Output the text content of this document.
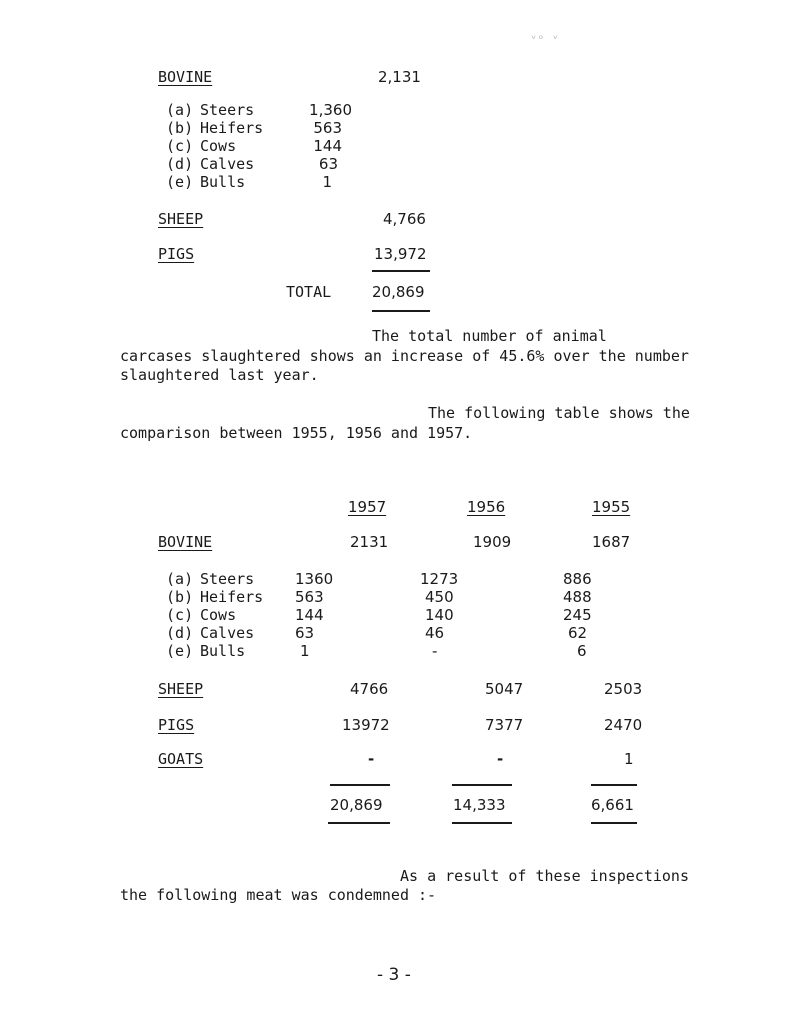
ᵛᵒ ᵛ
BOVINE	2,131
(a) Steers	1,360
(b) Heifers	563
(c) Cows	144
(d) Calves	63
(e) Bulls	1
SHEEP	4,766
PIGS	13,972
TOTAL	20,869
The total number of animal
carcases slaughtered shows an increase of 45.6% over the number
slaughtered last year.
The following table shows the
comparison between 1955, 1956 and 1957.
1957	1956	1955
BOVINE	2131	1909	1687
(a) Steers	1360	1273	886
(b) Heifers 563	450	488
(c) Cows	144	140	245
(d) Calves	63	46	62
(e) Bulls	1	-	6
SHEEP	4766	5047	2503
PIGS	13972	7377	2470
GOATS	-	-	1
20,869	14,333	6,661
As a result of these inspections
the following meat was condemned :-
- 3 -
